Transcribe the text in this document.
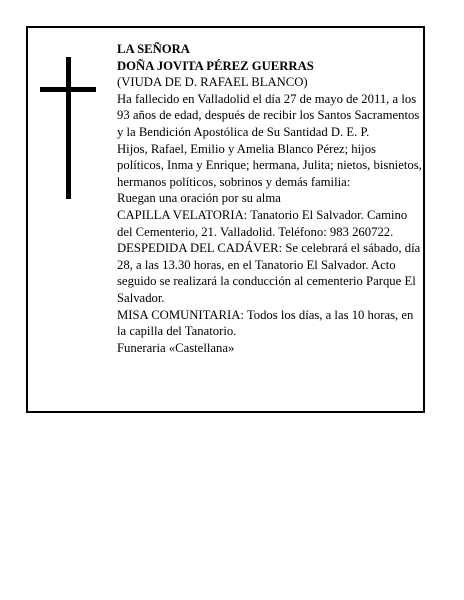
LA SEÑORA

DOÑA JOVITA PÉREZ GUERRAS

(VIUDA DE D. RAFAEL BLANCO)

Ha fallecido en Valladolid el día 27 de mayo de 2011, a los 93 años de edad, después de recibir los Santos Sacramentos y la Bendición Apostólica de Su Santidad D. E. P.

Hijos, Rafael, Emilio y Amelia Blanco Pérez; hijos políticos, Inma y Enrique; hermana, Julita; nietos, bisnietos, hermanos políticos, sobrinos y demás familia:

Ruegan una oración por su alma

CAPILLA VELATORIA: Tanatorio El Salvador. Camino del Cementerio, 21. Valladolid. Teléfono: 983 260722.

DESPEDIDA DEL CADÁVER: Se celebrará el sábado, día 28, a las 13.30 horas, en el Tanatorio El Salvador. Acto seguido se realizará la conducción al cementerio Parque El Salvador.

MISA COMUNITARIA: Todos los días, a las 10 horas, en la capilla del Tanatorio.

Funeraria «Castellana»
